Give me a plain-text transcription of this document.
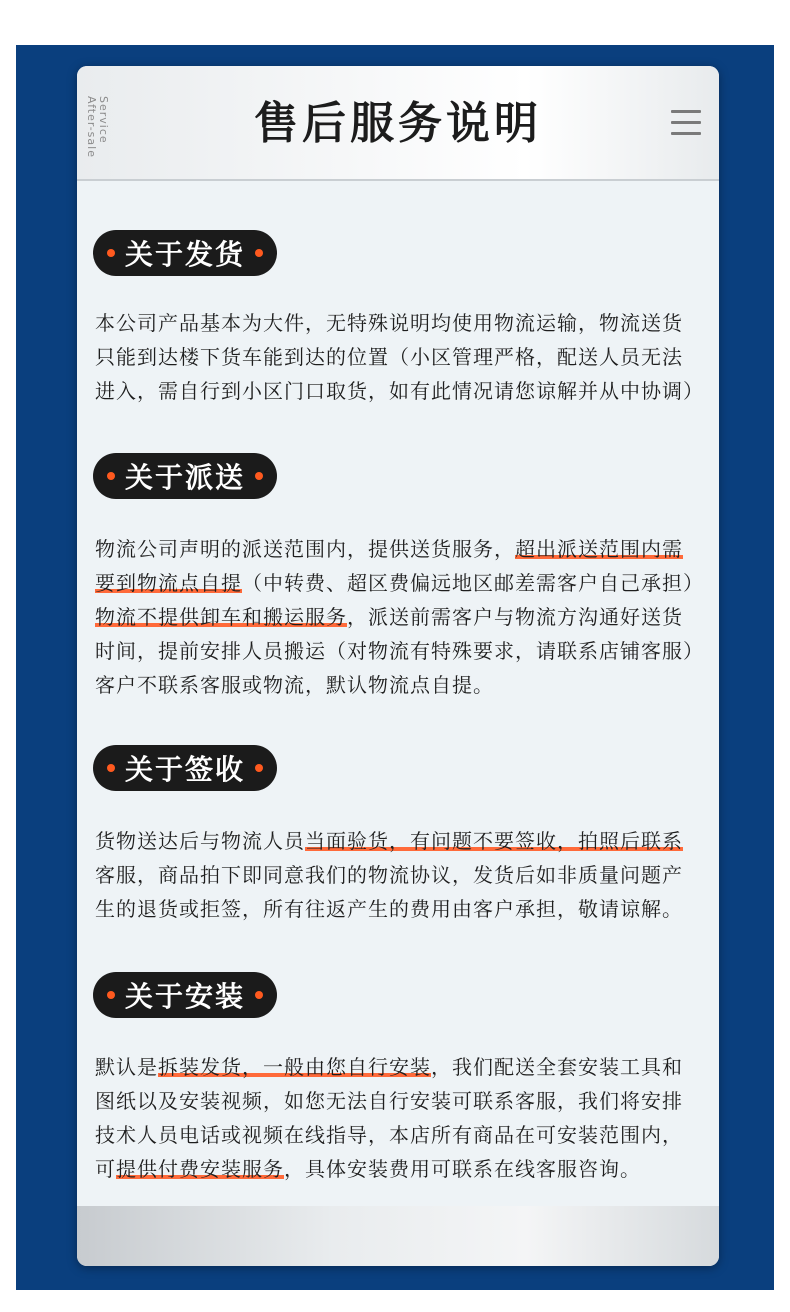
Service
After-sale	售后服务说明
关于发货

本公司产品基本为大件，无特殊说明均使用物流运输，物流送货

只能到达楼下货车能到达的位置（小区管理严格，配送人员无法

进入，需自行到小区门口取货，如有此情况请您谅解并从中协调）

关于派送

物流公司声明的派送范围内，提供送货服务，超出派送范围内需

要到物流点自提（中转费、超区费偏远地区邮差需客户自己承担）

物流不提供卸车和搬运服务，派送前需客户与物流方沟通好送货

时间，提前安排人员搬运（对物流有特殊要求，请联系店铺客服）

客户不联系客服或物流，默认物流点自提。

关于签收

货物送达后与物流人员当面验货，有问题不要签收，拍照后联系

客服，商品拍下即同意我们的物流协议，发货后如非质量问题产

生的退货或拒签，所有往返产生的费用由客户承担，敬请谅解。

关于安装

默认是拆装发货，一般由您自行安装，我们配送全套安装工具和

图纸以及安装视频，如您无法自行安装可联系客服，我们将安排

技术人员电话或视频在线指导，本店所有商品在可安装范围内，

可提供付费安装服务，具体安装费用可联系在线客服咨询。
